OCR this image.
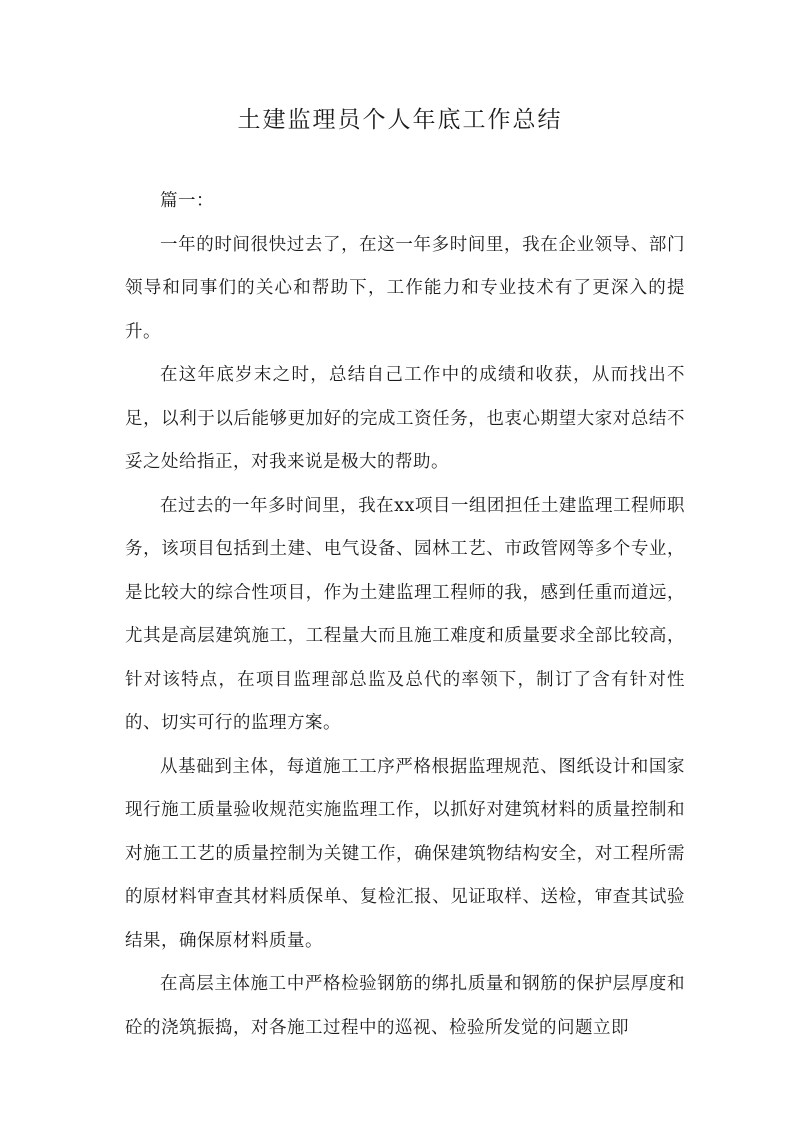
土建监理员个人年底工作总结

篇一：

一年的时间很快过去了，在这一年多时间里，我在企业领导、部门领导和同事们的关心和帮助下，工作能力和专业技术有了更深入的提升。

在这年底岁末之时，总结自己工作中的成绩和收获，从而找出不足，以利于以后能够更加好的完成工资任务，也衷心期望大家对总结不妥之处给指正，对我来说是极大的帮助。

在过去的一年多时间里，我在xx项目一组团担任土建监理工程师职务，该项目包括到土建、电气设备、园林工艺、市政管网等多个专业，是比较大的综合性项目，作为土建监理工程师的我，感到任重而道远，尤其是高层建筑施工，工程量大而且施工难度和质量要求全部比较高，针对该特点，在项目监理部总监及总代的率领下，制订了含有针对性的、切实可行的监理方案。

从基础到主体，每道施工工序严格根据监理规范、图纸设计和国家现行施工质量验收规范实施监理工作，以抓好对建筑材料的质量控制和对施工工艺的质量控制为关键工作，确保建筑物结构安全，对工程所需的原材料审查其材料质保单、复检汇报、见证取样、送检，审查其试验结果，确保原材料质量。

在高层主体施工中严格检验钢筋的绑扎质量和钢筋的保护层厚度和砼的浇筑振捣，对各施工过程中的巡视、检验所发觉的问题立即
